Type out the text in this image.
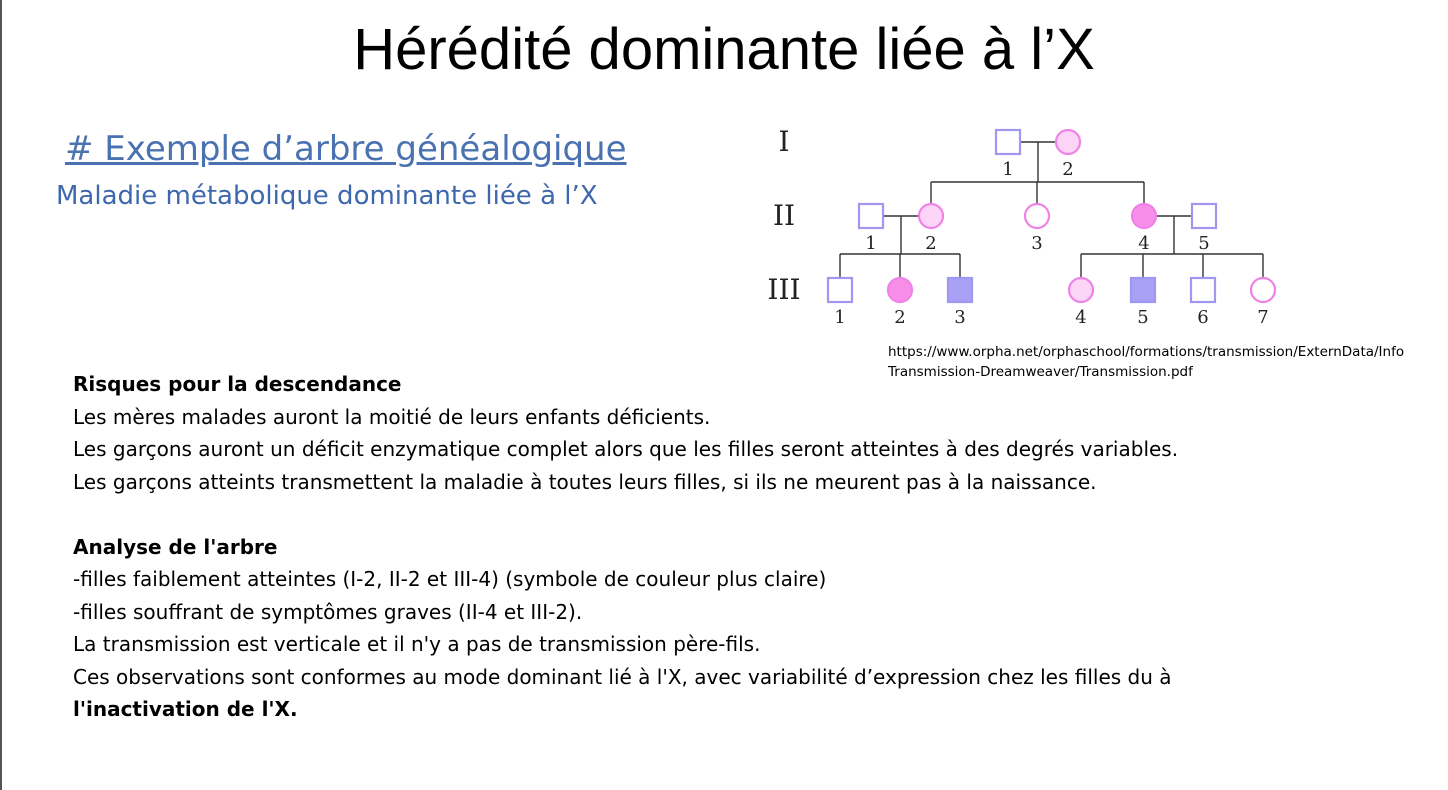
Hérédité dominante liée à l’X
# Exemple d’arbre généalogique
Maladie métabolique dominante liée à l’X
I
1	2
II
1	2	3	4	5
III
1	2	3	4	5	6	7
https://www.orpha.net/orphaschool/formations/transmission/ExternData/Info
Transmission-Dreamweaver/Transmission.pdf

Risques pour la descendance

Les mères malades auront la moitié de leurs enfants déficients.

Les garçons auront un déficit enzymatique complet alors que les filles seront atteintes à des degrés variables.

Les garçons atteints transmettent la maladie à toutes leurs filles, si ils ne meurent pas à la naissance.

Analyse de l'arbre

-filles faiblement atteintes (I-2, II-2 et III-4) (symbole de couleur plus claire)

-filles souffrant de symptômes graves (II-4 et III-2).

La transmission est verticale et il n'y a pas de transmission père-fils.

Ces observations sont conformes au mode dominant lié à l'X, avec variabilité d’expression chez les filles du à

l'inactivation de l'X.
